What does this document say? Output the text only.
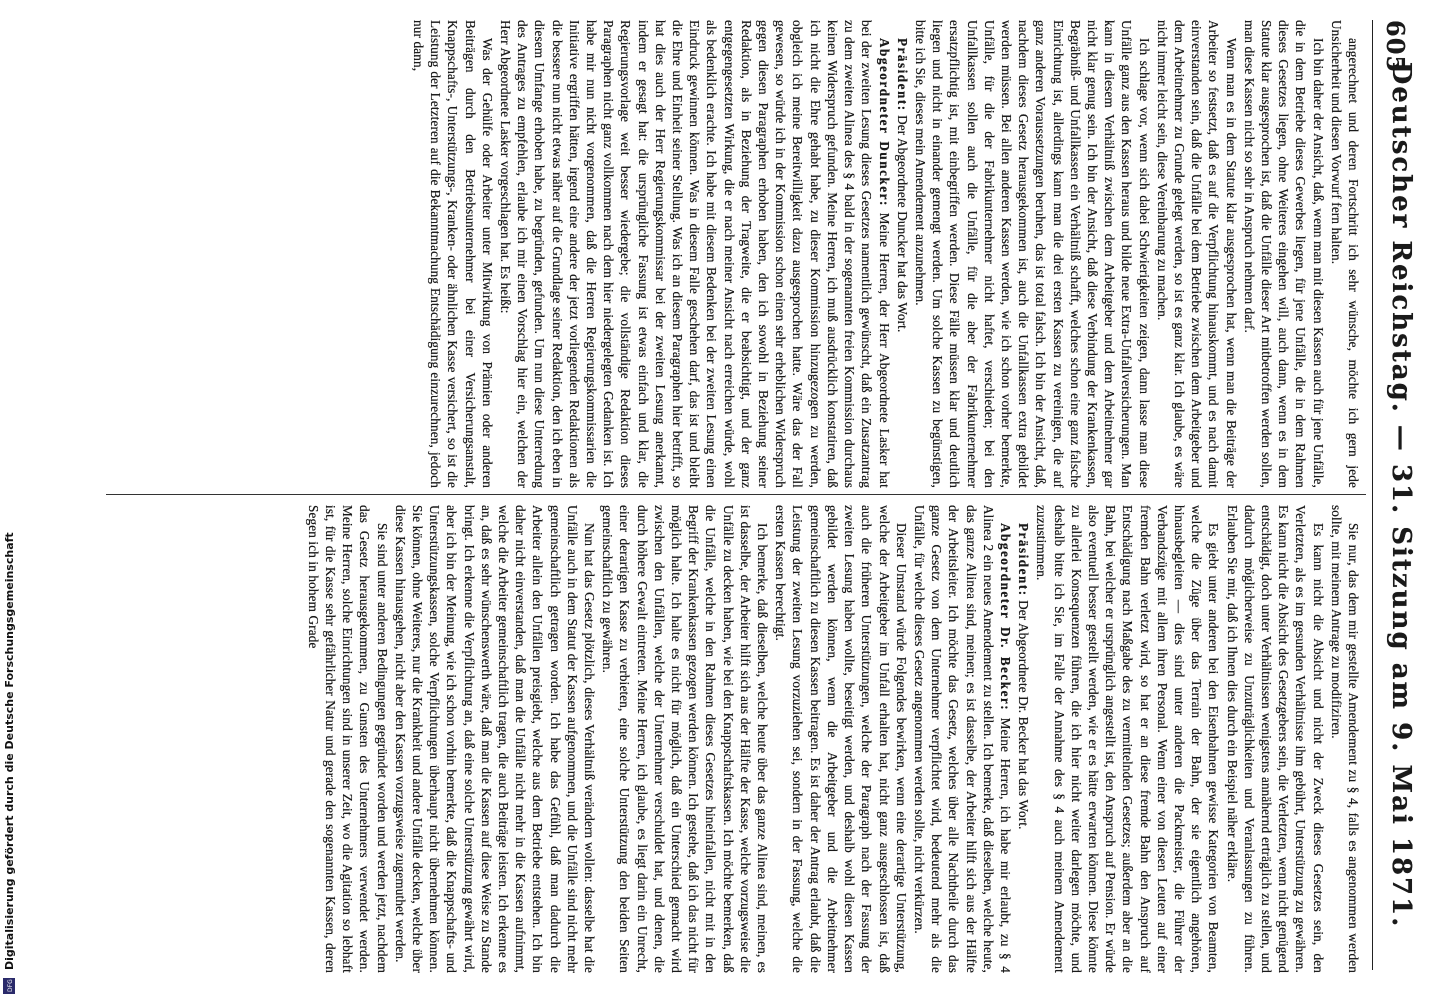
605
Deutscher Reichstag. — 31. Sitzung am 9. Mai 1871.

angerechnet und deren Fortschritt ich sehr wünsche, möchte ich gern jede Unsicherheit und diesen Vorwurf fern halten.

Ich bin daher der Ansicht, daß, wenn man mit diesen Kassen auch für jene Unfälle, die in dem Betriebe dieses Gewerbes liegen, für jene Unfälle, die in dem Rahmen dieses Gesetzes liegen, ohne Weiteres eingehen will, auch dann, wenn es in dem Statute klar ausgesprochen ist, daß die Unfälle dieser Art mitbetroffen werden sollen, man diese Kassen nicht so sehr in Anspruch nehmen darf.

Wenn man es in dem Statute klar ausgesprochen hat, wenn man die Beiträge der Arbeiter so festsetzt, daß es auf die Verpflichtung hinauskommt, und es nach damit einverstanden sein, daß die Unfälle bei dem Betriebe zwischen dem Arbeitgeber und dem Arbeitnehmer zu Grunde gelegt werden, so ist es ganz klar. Ich glaube, es wäre nicht immer leicht sein, diese Vereinbarung zu machen.

Ich schlage vor, wenn sich dabei Schwierigkeiten zeigen, dann lasse man diese Unfälle ganz aus den Kassen heraus und bilde neue Extra-Unfallversicherungen. Man kann in diesem Verhältniß zwischen dem Arbeitgeber und dem Arbeitnehmer gar nicht klar genug sein. Ich bin der Ansicht, daß diese Verbindung der Krankenkassen, Begräbniß- und Unfallkassen ein Verhältniß schafft, welches schon eine ganz falsche Einrichtung ist, allerdings kann man die drei ersten Kassen zu vereinigen, die auf ganz anderen Voraussetzungen beruhen, das ist total falsch. Ich bin der Ansicht, daß, nachdem dieses Gesetz herausgekommen ist, auch die Unfallkassen extra gebildet werden müssen. Bei allen anderen Kassen werden, wie ich schon vorher bemerkte, Unfälle, für die der Fabrikunternehmer nicht haftet, verschieden; bei den Unfallkassen sollen auch die Unfälle, für die aber der Fabrikunternehmer ersatzpflichtig ist, mit einbegriffen werden. Diese Fälle müssen klar und deutlich liegen und nicht in einander gemengt werden. Um solche Kassen zu begünstigen, bitte ich Sie, dieses mein Amendement anzunehmen.

Präsident: Der Abgeordnete Duncker hat das Wort.

Abgeordneter Duncker: Meine Herren, der Herr Abgeordnete Lasker hat bei der zweiten Lesung dieses Gesetzes namentlich gewünscht, daß ein Zusatzantrag zu dem zweiten Alinea des § 4 bald in der sogenannten freien Kommission durchaus keinen Widerspruch gefunden. Meine Herren, ich muß ausdrücklich konstatiren, daß ich nicht die Ehre gehabt habe, zu dieser Kommission hinzugezogen zu werden, obgleich ich meine Bereitwilligkeit dazu ausgesprochen hatte. Wäre das der Fall gewesen, so würde ich in der Kommission schon einen sehr erheblichen Widerspruch gegen diesen Paragraphen erhoben haben, den ich sowohl in Beziehung seiner Redaktion, als in Beziehung der Tragweite, die er beabsichtigt, und der ganz entgegengesetzten Wirkung, die er nach meiner Ansicht nach erreichen würde, wohl als bedenklich erachte. Ich habe mit diesem Bedenken bei der zweiten Lesung einen Eindruck gewinnen können. Was in diesem Falle geschehen darf, das ist und bleibt die Ehre und Einheit seiner Stellung. Was ich an diesem Paragraphen hier betrifft, so hat dies auch der Herr Regierungskommissar bei der zweiten Lesung anerkannt, indem er gesagt hat: die ursprüngliche Fassung ist etwas einfach und klar, die Regierungsvorlage weit besser wiedergebe; die vollständige Redaktion dieses Paragraphen nicht ganz vollkommen nach dem hier niedergelegten Gedanken ist. Ich habe mir nun nicht vorgenommen, daß die Herren Regierungskommissarien die Initiative ergriffen hätten, irgend eine andere der jetzt vorliegenden Redaktionen als die bessere nun nicht etwas näher auf die Grundlage seiner Redaktion, den ich eben in diesem Umfange erhoben habe, zu begründen, gefunden. Um nun diese Unterredung des Antrages zu empfehlen, erlaube ich mir einen Vorschlag hier ein, welchen der Herr Abgeordnete Lasker vorgeschlagen hat. Es heißt:

Was der Gehülfe oder Arbeiter unter Mitwirkung von Prämien oder anderen Beiträgen durch den Betriebsunternehmer bei einer Versicherungsanstalt, Knappschafts-, Unterstützungs-, Kranken- oder ähnlichen Kasse versichert, so ist die Leistung der Letzteren auf die Bekanntmachung Entschädigung einzurechnen, jedoch nur dann,

Sie nur, das dem mir gestellte Amendement zu § 4, falls es angenommen werden sollte, mit meinem Antrage zu modifiziren.

Es kann nicht die Absicht und nicht der Zweck dieses Gesetzes sein, den Verletzten, als es im gesunden Verhältnisse ihm gebührt, Unterstützung zu gewähren. Es kann nicht die Absicht des Gesetzgebers sein, die Verletzten, wenn nicht genügend entschädigt, doch unter Verhältnissen wenigstens annähernd erträglich zu stellen, und dadurch möglicherweise zu Unzuträglichkeiten und Veranlassungen zu führen. Erlauben Sie mir, daß ich Ihnen dies durch ein Beispiel näher erkläre.

Es giebt unter anderen bei den Eisenbahnen gewisse Kategorien von Beamten, welche die Züge über das Terrain der Bahn, der sie eigentlich angehören, hinausbegleiten — dies sind unter anderen die Packmeister, die Führer der Verbandszüge mit allem ihren Personal. Wenn einer von diesen Leuten auf einer fremden Bahn verletzt wird, so hat er an diese fremde Bahn den Anspruch auf Entschädigung nach Maßgabe des zu vermittelnden Gesetzes; außerdem aber an die Bahn, bei welcher er ursprünglich angestellt ist, den Anspruch auf Pension. Er würde also eventuell besser gestellt werden, wie er es hätte erwarten können. Diese könnte zu allerlei Konsequenzen führen, die ich hier nicht weiter darlegen möchte, und deshalb bitte ich Sie, im Falle der Annahme des § 4 auch meinem Amendement zuzustimmen.

Präsident: Der Abgeordnete Dr. Becker hat das Wort.

Abgeordneter Dr. Becker: Meine Herren, ich habe mir erlaubt, zu § 4 Alinea 2 ein neues Amendement zu stellen. Ich bemerke, daß dieselben, welche heute, das ganze Alinea sind, meinen; es ist dasselbe, der Arbeiter hilft sich aus der Hälfte der Arbeitsleiter. Ich möchte das Gesetz, welches über alle Nachtheile durch das ganze Gesetz von dem Unternehmer verpflichtet wird, bedeutend mehr als die Unfälle, für welche dieses Gesetz angenommen werden sollte, nicht verkürzen.

Dieser Umstand würde Folgendes bewirken, wenn eine derartige Unterstützung, welche der Arbeitgeber im Unfall erhalten hat, nicht ganz ausgeschlossen ist, daß auch die früheren Unterstützungen, welche der Paragraph nach der Fassung der zweiten Lesung haben wollte, beseitigt werden, und deshalb wohl diesen Kassen gebildet werden können, wenn die Arbeitgeber und die Arbeitnehmer gemeinschaftlich zu diesen Kassen beitragen. Es ist daher der Antrag erlaubt, daß die Leistung der zweiten Lesung vorzuziehen sei, sondern in der Fassung, welche die ersten Kassen berechtigt.

Ich bemerke, daß dieselben, welche heute über das ganze Alinea sind, meinen, es ist dasselbe, der Arbeiter hilft sich aus der Hälfte der Kasse, welche vorzugsweise die Unfälle zu decken haben, wie bei den Knappschaftskassen. Ich möchte bemerken, daß die Unfälle, welche in den Rahmen dieses Gesetzes hineinfallen, nicht mit in den Begriff der Krankenkassen gezogen werden können. Ich gestehe, daß ich das nicht für möglich halte. Ich halte es nicht für möglich, daß ein Unterschied gemacht wird zwischen den Unfällen, welche der Unternehmer verschuldet hat, und denen, die durch höhere Gewalt eintreten. Meine Herren, ich glaube, es liegt darin ein Unrecht, einer derartigen Kasse zu verbieten, eine solche Unterstützung den beiden Seiten gemeinschaftlich zu gewähren.

Nun hat das Gesetz plötzlich, dieses Verhältniß verändern wollen: dasselbe hat die Unfälle auch in dem Statut der Kassen aufgenommen, und die Unfälle sind nicht mehr gemeinschaftlich getragen worden. Ich habe das Gefühl, daß man dadurch die Arbeiter allein den Unfällen preisgiebt, welche aus dem Betriebe entstehen. Ich bin daher nicht einverstanden, daß man die Unfälle nicht mehr in die Kassen aufnimmt, welche die Arbeiter gemeinschaftlich tragen, die auch Beiträge leisten. Ich erkenne es an, daß es sehr wünschenswerth wäre, daß man die Kassen auf diese Weise zu Stande bringt. Ich erkenne die Verpflichtung an, daß eine solche Unterstützung gewährt wird, aber ich bin der Meinung, wie ich schon vorhin bemerkte, daß die Knappschafts- und Unterstützungskassen, solche Verpflichtungen überhaupt nicht übernehmen können. Sie können, ohne Weiteres, nur die Krankheit und andere Unfälle decken, welche über diese Kassen hinausgehen, nicht aber den Kassen vorzugsweise zugemuthet werden.

Sie sind unter anderen Bedingungen gegründet worden und werden jetzt, nachdem das Gesetz herausgekommen, zu Gunsten des Unternehmers verwendet werden. Meine Herren, solche Einrichtungen sind in unserer Zeit, wo die Agitation so lebhaft ist, für die Kasse sehr gefährlicher Natur und gerade den sogenannten Kassen, deren Segen ich in hohem Grade

Digitalisierung gefördert durch die Deutsche Forschungsgemeinschaft
DFG
